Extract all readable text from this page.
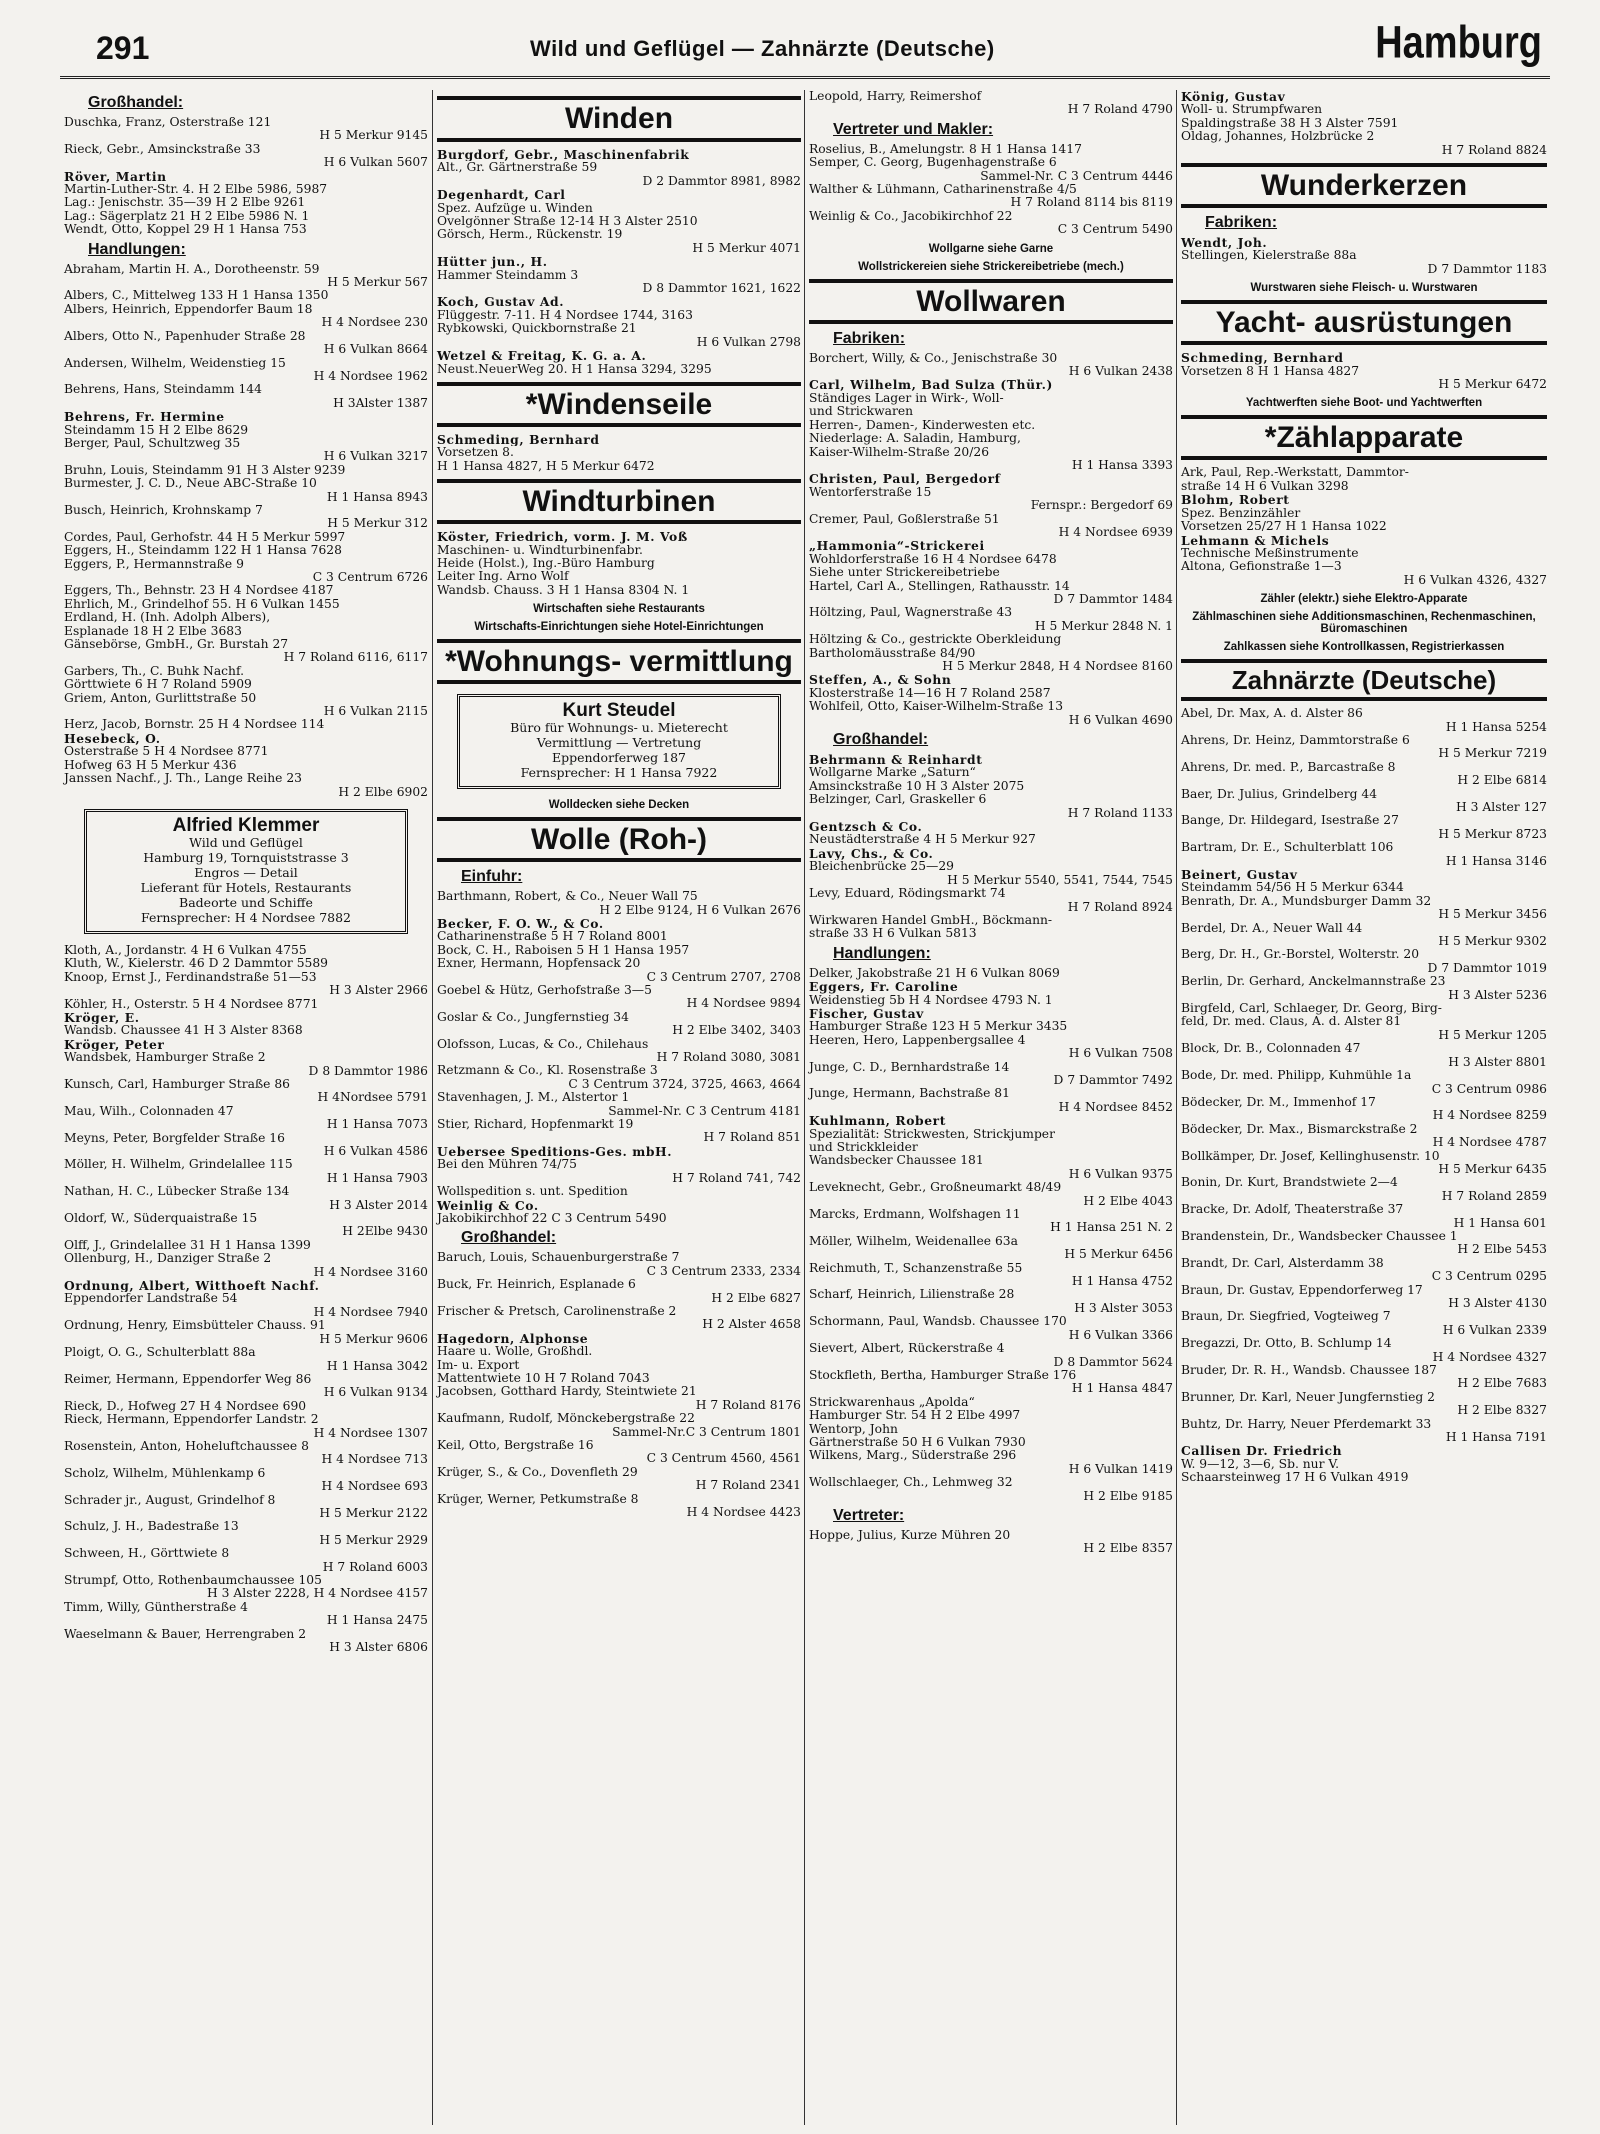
291	Wild und Geflügel — Zahnärzte (Deutsche)	Hamburg
Großhandel:
Duschka, Franz, Osterstraße 121
H 5 Merkur 9145
Rieck, Gebr., Amsinckstraße 33
H 6 Vulkan 5607
Röver, Martin
Martin-Luther-Str. 4. H 2 Elbe 5986, 5987
Lag.: Jenischstr. 35—39 H 2 Elbe 9261
Lag.: Sägerplatz 21 H 2 Elbe 5986 N. 1
Wendt, Otto, Koppel 29 H 1 Hansa 753
Handlungen:
Abraham, Martin H. A., Dorotheenstr. 59
H 5 Merkur 567
Albers, C., Mittelweg 133 H 1 Hansa 1350
Albers, Heinrich, Eppendorfer Baum 18
H 4 Nordsee 230
Albers, Otto N., Papenhuder Straße 28
H 6 Vulkan 8664
Andersen, Wilhelm, Weidenstieg 15
H 4 Nordsee 1962
Behrens, Hans, Steindamm 144
H 3Alster 1387
Behrens, Fr. Hermine
Steindamm 15 H 2 Elbe 8629
Berger, Paul, Schultzweg 35
H 6 Vulkan 3217
Bruhn, Louis, Steindamm 91 H 3 Alster 9239
Burmester, J. C. D., Neue ABC-Straße 10
H 1 Hansa 8943
Busch, Heinrich, Krohnskamp 7
H 5 Merkur 312
Cordes, Paul, Gerhofstr. 44 H 5 Merkur 5997
Eggers, H., Steindamm 122 H 1 Hansa 7628
Eggers, P., Hermannstraße 9
C 3 Centrum 6726
Eggers, Th., Behnstr. 23 H 4 Nordsee 4187
Ehrlich, M., Grindelhof 55. H 6 Vulkan 1455
Erdland, H. (Inh. Adolph Albers),
Esplanade 18 H 2 Elbe 3683
Gänsebörse, GmbH., Gr. Burstah 27
H 7 Roland 6116, 6117
Garbers, Th., C. Buhk Nachf.
Görttwiete 6 H 7 Roland 5909
Griem, Anton, Gurlittstraße 50
H 6 Vulkan 2115
Herz, Jacob, Bornstr. 25 H 4 Nordsee 114
Hesebeck, O.
Osterstraße 5 H 4 Nordsee 8771
Hofweg 63 H 5 Merkur 436
Janssen Nachf., J. Th., Lange Reihe 23
H 2 Elbe 6902
Alfried Klemmer
Wild und Geflügel
Hamburg 19, Tornquiststrasse 3
Engros — Detail
Lieferant für Hotels, Restaurants
Badeorte und Schiffe
Fernsprecher: H 4 Nordsee 7882
Kloth, A., Jordanstr. 4 H 6 Vulkan 4755
Kluth, W., Kielerstr. 46 D 2 Dammtor 5589
Knoop, Ernst J., Ferdinandstraße 51—53
H 3 Alster 2966
Köhler, H., Osterstr. 5 H 4 Nordsee 8771
Kröger, E.
Wandsb. Chaussee 41 H 3 Alster 8368
Kröger, Peter
Wandsbek, Hamburger Straße 2
D 8 Dammtor 1986
Kunsch, Carl, Hamburger Straße 86
H 4Nordsee 5791
Mau, Wilh., Colonnaden 47
H 1 Hansa 7073
Meyns, Peter, Borgfelder Straße 16
H 6 Vulkan 4586
Möller, H. Wilhelm, Grindelallee 115
H 1 Hansa 7903
Nathan, H. C., Lübecker Straße 134
H 3 Alster 2014
Oldorf, W., Süderquaistraße 15
H 2Elbe 9430
Olff, J., Grindelallee 31 H 1 Hansa 1399
Ollenburg, H., Danziger Straße 2
H 4 Nordsee 3160
Ordnung, Albert, Witthoeft Nachf.
Eppendorfer Landstraße 54
H 4 Nordsee 7940
Ordnung, Henry, Eimsbütteler Chauss. 91
H 5 Merkur 9606
Ploigt, O. G., Schulterblatt 88a
H 1 Hansa 3042
Reimer, Hermann, Eppendorfer Weg 86
H 6 Vulkan 9134
Rieck, D., Hofweg 27 H 4 Nordsee 690
Rieck, Hermann, Eppendorfer Landstr. 2
H 4 Nordsee 1307
Rosenstein, Anton, Hoheluftchaussee 8
H 4 Nordsee 713
Scholz, Wilhelm, Mühlenkamp 6
H 4 Nordsee 693
Schrader jr., August, Grindelhof 8
H 5 Merkur 2122
Schulz, J. H., Badestraße 13
H 5 Merkur 2929
Schween, H., Görttwiete 8
H 7 Roland 6003
Strumpf, Otto, Rothenbaumchaussee 105
H 3 Alster 2228, H 4 Nordsee 4157
Timm, Willy, Güntherstraße 4
H 1 Hansa 2475
Waeselmann & Bauer, Herrengraben 2
H 3 Alster 6806
Winden
Burgdorf, Gebr., Maschinenfabrik
Alt., Gr. Gärtnerstraße 59
D 2 Dammtor 8981, 8982
Degenhardt, Carl
Spez. Aufzüge u. Winden
Övelgönner Straße 12-14 H 3 Alster 2510
Görsch, Herm., Rückenstr. 19
H 5 Merkur 4071
Hütter jun., H.
Hammer Steindamm 3
D 8 Dammtor 1621, 1622
Koch, Gustav Ad.
Flüggestr. 7-11. H 4 Nordsee 1744, 3163
Rybkowski, Quickbornstraße 21
H 6 Vulkan 2798
Wetzel & Freitag, K. G. a. A.
Neust.NeuerWeg 20. H 1 Hansa 3294, 3295
*Windenseile
Schmeding, Bernhard
Vorsetzen 8.
H 1 Hansa 4827, H 5 Merkur 6472
Windturbinen
Köster, Friedrich, vorm. J. M. Voß
Maschinen- u. Windturbinenfabr.
Heide (Holst.), Ing.-Büro Hamburg
Leiter Ing. Arno Wolf
Wandsb. Chauss. 3 H 1 Hansa 8304 N. 1
Wirtschaften siehe Restaurants
Wirtschafts-Einrichtungen siehe Hotel-Einrichtungen
*Wohnungs- vermittlung
Kurt Steudel
Büro für Wohnungs- u. Mieterecht
Vermittlung — Vertretung
Eppendorferweg 187
Fernsprecher: H 1 Hansa 7922
Wolldecken siehe Decken
Wolle (Roh-)
Einfuhr:
Barthmann, Robert, & Co., Neuer Wall 75
H 2 Elbe 9124, H 6 Vulkan 2676
Becker, F. O. W., & Co.
Catharinenstraße 5 H 7 Roland 8001
Bock, C. H., Raboisen 5 H 1 Hansa 1957
Exner, Hermann, Hopfensack 20
C 3 Centrum 2707, 2708
Goebel & Hütz, Gerhofstraße 3—5
H 4 Nordsee 9894
Goslar & Co., Jungfernstieg 34
H 2 Elbe 3402, 3403
Olofsson, Lucas, & Co., Chilehaus
H 7 Roland 3080, 3081
Retzmann & Co., Kl. Rosenstraße 3
C 3 Centrum 3724, 3725, 4663, 4664
Stavenhagen, J. M., Alstertor 1
Sammel-Nr. C 3 Centrum 4181
Stier, Richard, Hopfenmarkt 19
H 7 Roland 851
Uebersee Speditions-Ges. mbH.
Bei den Mühren 74/75
H 7 Roland 741, 742
Wollspedition s. unt. Spedition
Weinlig & Co.
Jakobikirchhof 22 C 3 Centrum 5490
Großhandel:
Baruch, Louis, Schauenburgerstraße 7
C 3 Centrum 2333, 2334
Buck, Fr. Heinrich, Esplanade 6
H 2 Elbe 6827
Frischer & Pretsch, Carolinenstraße 2
H 2 Alster 4658
Hagedorn, Alphonse
Haare u. Wolle, Großhdl.
Im- u. Export
Mattentwiete 10 H 7 Roland 7043
Jacobsen, Gotthard Hardy, Steintwiete 21
H 7 Roland 8176
Kaufmann, Rudolf, Mönckebergstraße 22
Sammel-Nr.C 3 Centrum 1801
Keil, Otto, Bergstraße 16
C 3 Centrum 4560, 4561
Krüger, S., & Co., Dovenfleth 29
H 7 Roland 2341
Krüger, Werner, Petkumstraße 8
H 4 Nordsee 4423
Leopold, Harry, Reimershof
H 7 Roland 4790
Vertreter und Makler:
Roselius, B., Amelungstr. 8 H 1 Hansa 1417
Semper, C. Georg, Bugenhagenstraße 6
Sammel-Nr. C 3 Centrum 4446
Walther & Lühmann, Catharinenstraße 4/5
H 7 Roland 8114 bis 8119
Weinlig & Co., Jacobikirchhof 22
C 3 Centrum 5490
Wollgarne siehe Garne
Wollstrickereien siehe Strickereibetriebe (mech.)
Wollwaren
Fabriken:
Borchert, Willy, & Co., Jenischstraße 30
H 6 Vulkan 2438
Carl, Wilhelm, Bad Sulza (Thür.)
Ständiges Lager in Wirk-, Woll-
und Strickwaren
Herren-, Damen-, Kinderwesten etc.
Niederlage: A. Saladin, Hamburg,
Kaiser-Wilhelm-Straße 20/26
H 1 Hansa 3393
Christen, Paul, Bergedorf
Wentorferstraße 15
Fernspr.: Bergedorf 69
Cremer, Paul, Goßlerstraße 51
H 4 Nordsee 6939
„Hammonia“-Strickerei
Wohldorferstraße 16 H 4 Nordsee 6478
Siehe unter Strickereibetriebe
Hartel, Carl A., Stellingen, Rathausstr. 14
D 7 Dammtor 1484
Höltzing, Paul, Wagnerstraße 43
H 5 Merkur 2848 N. 1
Höltzing & Co., gestrickte Oberkleidung
Bartholomäusstraße 84/90
H 5 Merkur 2848, H 4 Nordsee 8160
Steffen, A., & Sohn
Klosterstraße 14—16 H 7 Roland 2587
Wohlfeil, Otto, Kaiser-Wilhelm-Straße 13
H 6 Vulkan 4690
Großhandel:
Behrmann & Reinhardt
Wollgarne Marke „Saturn“
Amsinckstraße 10 H 3 Alster 2075
Belzinger, Carl, Graskeller 6
H 7 Roland 1133
Gentzsch & Co.
Neustädterstraße 4 H 5 Merkur 927
Lavy, Chs., & Co.
Bleichenbrücke 25—29
H 5 Merkur 5540, 5541, 7544, 7545
Levy, Eduard, Rödingsmarkt 74
H 7 Roland 8924
Wirkwaren Handel GmbH., Böckmann-
straße 33 H 6 Vulkan 5813
Handlungen:
Delker, Jakobstraße 21 H 6 Vulkan 8069
Eggers, Fr. Caroline
Weidenstieg 5b H 4 Nordsee 4793 N. 1
Fischer, Gustav
Hamburger Straße 123 H 5 Merkur 3435
Heeren, Hero, Lappenbergsallee 4
H 6 Vulkan 7508
Junge, C. D., Bernhardstraße 14
D 7 Dammtor 7492
Junge, Hermann, Bachstraße 81
H 4 Nordsee 8452
Kuhlmann, Robert
Spezialität: Strickwesten, Strickjumper
und Strickkleider
Wandsbecker Chaussee 181
H 6 Vulkan 9375
Leveknecht, Gebr., Großneumarkt 48/49
H 2 Elbe 4043
Marcks, Erdmann, Wolfshagen 11
H 1 Hansa 251 N. 2
Möller, Wilhelm, Weidenallee 63a
H 5 Merkur 6456
Reichmuth, T., Schanzenstraße 55
H 1 Hansa 4752
Scharf, Heinrich, Lilienstraße 28
H 3 Alster 3053
Schormann, Paul, Wandsb. Chaussee 170
H 6 Vulkan 3366
Sievert, Albert, Rückerstraße 4
D 8 Dammtor 5624
Stockfleth, Bertha, Hamburger Straße 176
H 1 Hansa 4847
Strickwarenhaus „Apolda“
Hamburger Str. 54 H 2 Elbe 4997
Wentorp, John
Gärtnerstraße 50 H 6 Vulkan 7930
Wilkens, Marg., Süderstraße 296
H 6 Vulkan 1419
Wollschlaeger, Ch., Lehmweg 32
H 2 Elbe 9185
Vertreter:
Hoppe, Julius, Kurze Mühren 20
H 2 Elbe 8357
König, Gustav
Woll- u. Strumpfwaren
Spaldingstraße 38 H 3 Alster 7591
Oldag, Johannes, Holzbrücke 2
H 7 Roland 8824
Wunderkerzen
Fabriken:
Wendt, Joh.
Stellingen, Kielerstraße 88a
D 7 Dammtor 1183
Wurstwaren siehe Fleisch- u. Wurstwaren
Yacht- ausrüstungen
Schmeding, Bernhard
Vorsetzen 8 H 1 Hansa 4827
H 5 Merkur 6472
Yachtwerften siehe Boot- und Yachtwerften
*Zählapparate
Ark, Paul, Rep.-Werkstatt, Dammtor-
straße 14 H 6 Vulkan 3298
Blohm, Robert
Spez. Benzinzähler
Vorsetzen 25/27 H 1 Hansa 1022
Lehmann & Michels
Technische Meßinstrumente
Altona, Gefionstraße 1—3
H 6 Vulkan 4326, 4327
Zähler (elektr.) siehe Elektro-Apparate
Zählmaschinen siehe Additionsmaschinen, Rechenmaschinen, Büromaschinen
Zahlkassen siehe Kontrollkassen, Registrierkassen
Zahnärzte (Deutsche)
Abel, Dr. Max, A. d. Alster 86
H 1 Hansa 5254
Ahrens, Dr. Heinz, Dammtorstraße 6
H 5 Merkur 7219
Ahrens, Dr. med. P., Barcastraße 8
H 2 Elbe 6814
Baer, Dr. Julius, Grindelberg 44
H 3 Alster 127
Bange, Dr. Hildegard, Isestraße 27
H 5 Merkur 8723
Bartram, Dr. E., Schulterblatt 106
H 1 Hansa 3146
Beinert, Gustav
Steindamm 54/56 H 5 Merkur 6344
Benrath, Dr. A., Mundsburger Damm 32
H 5 Merkur 3456
Berdel, Dr. A., Neuer Wall 44
H 5 Merkur 9302
Berg, Dr. H., Gr.-Borstel, Wolterstr. 20
D 7 Dammtor 1019
Berlin, Dr. Gerhard, Anckelmannstraße 23
H 3 Alster 5236
Birgfeld, Carl, Schlaeger, Dr. Georg, Birg-
feld, Dr. med. Claus, A. d. Alster 81
H 5 Merkur 1205
Block, Dr. B., Colonnaden 47
H 3 Alster 8801
Bode, Dr. med. Philipp, Kuhmühle 1a
C 3 Centrum 0986
Bödecker, Dr. M., Immenhof 17
H 4 Nordsee 8259
Bödecker, Dr. Max., Bismarckstraße 2
H 4 Nordsee 4787
Bollkämper, Dr. Josef, Kellinghusenstr. 10
H 5 Merkur 6435
Bonin, Dr. Kurt, Brandstwiete 2—4
H 7 Roland 2859
Bracke, Dr. Adolf, Theaterstraße 37
H 1 Hansa 601
Brandenstein, Dr., Wandsbecker Chaussee 1
H 2 Elbe 5453
Brandt, Dr. Carl, Alsterdamm 38
C 3 Centrum 0295
Braun, Dr. Gustav, Eppendorferweg 17
H 3 Alster 4130
Braun, Dr. Siegfried, Vogteiweg 7
H 6 Vulkan 2339
Bregazzi, Dr. Otto, B. Schlump 14
H 4 Nordsee 4327
Bruder, Dr. R. H., Wandsb. Chaussee 187
H 2 Elbe 7683
Brunner, Dr. Karl, Neuer Jungfernstieg 2
H 2 Elbe 8327
Buhtz, Dr. Harry, Neuer Pferdemarkt 33
H 1 Hansa 7191
Callisen Dr. Friedrich
W. 9—12, 3—6, Sb. nur V.
Schaarsteinweg 17 H 6 Vulkan 4919
